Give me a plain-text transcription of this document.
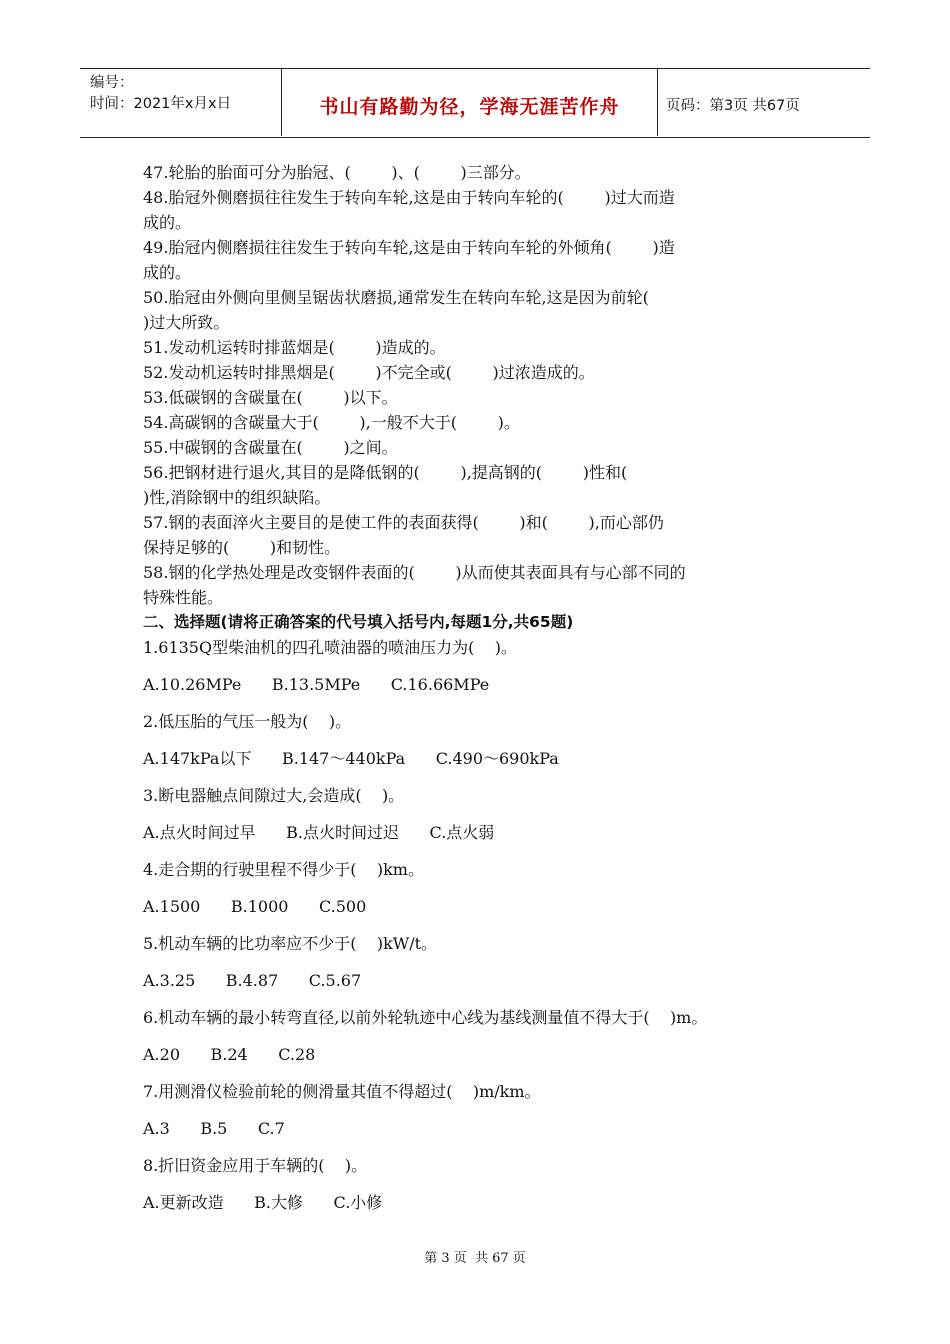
编号：
时间：2021年x月x日	书山有路勤为径，学海无涯苦作舟	页码：第3页 共67页
47.轮胎的胎面可分为胎冠、(        )、(        )三部分。
48.胎冠外侧磨损往往发生于转向车轮,这是由于转向车轮的(        )过大而造
成的。
49.胎冠内侧磨损往往发生于转向车轮,这是由于转向车轮的外倾角(        )造
成的。
50.胎冠由外侧向里侧呈锯齿状磨损,通常发生在转向车轮,这是因为前轮(
)过大所致。
51.发动机运转时排蓝烟是(        )造成的。
52.发动机运转时排黑烟是(        )不完全或(        )过浓造成的。
53.低碳钢的含碳量在(        )以下。
54.高碳钢的含碳量大于(        ),一般不大于(        )。
55.中碳钢的含碳量在(        )之间。
56.把钢材进行退火,其目的是降低钢的(        ),提高钢的(        )性和(
)性,消除钢中的组织缺陷。
57.钢的表面淬火主要目的是使工件的表面获得(        )和(        ),而心部仍
保持足够的(        )和韧性。
58.钢的化学热处理是改变钢件表面的(        )从而使其表面具有与心部不同的
特殊性能。
二、选择题(请将正确答案的代号填入括号内,每题1分,共65题)
1.6135Q型柴油机的四孔喷油器的喷油压力为(    )。
A.10.26MPe      B.13.5MPe      C.16.66MPe
2.低压胎的气压一般为(    )。
A.147kPa以下      B.147～440kPa      C.490～690kPa
3.断电器触点间隙过大,会造成(    )。
A.点火时间过早      B.点火时间过迟      C.点火弱
4.走合期的行驶里程不得少于(    )km。
A.1500      B.1000      C.500
5.机动车辆的比功率应不少于(    )kW/t。
A.3.25      B.4.87      C.5.67
6.机动车辆的最小转弯直径,以前外轮轨迹中心线为基线测量值不得大于(    )m。
A.20      B.24      C.28
7.用测滑仪检验前轮的侧滑量其值不得超过(    )m/km。
A.3      B.5      C.7
8.折旧资金应用于车辆的(    )。
A.更新改造      B.大修      C.小修
第 3 页  共 67 页
